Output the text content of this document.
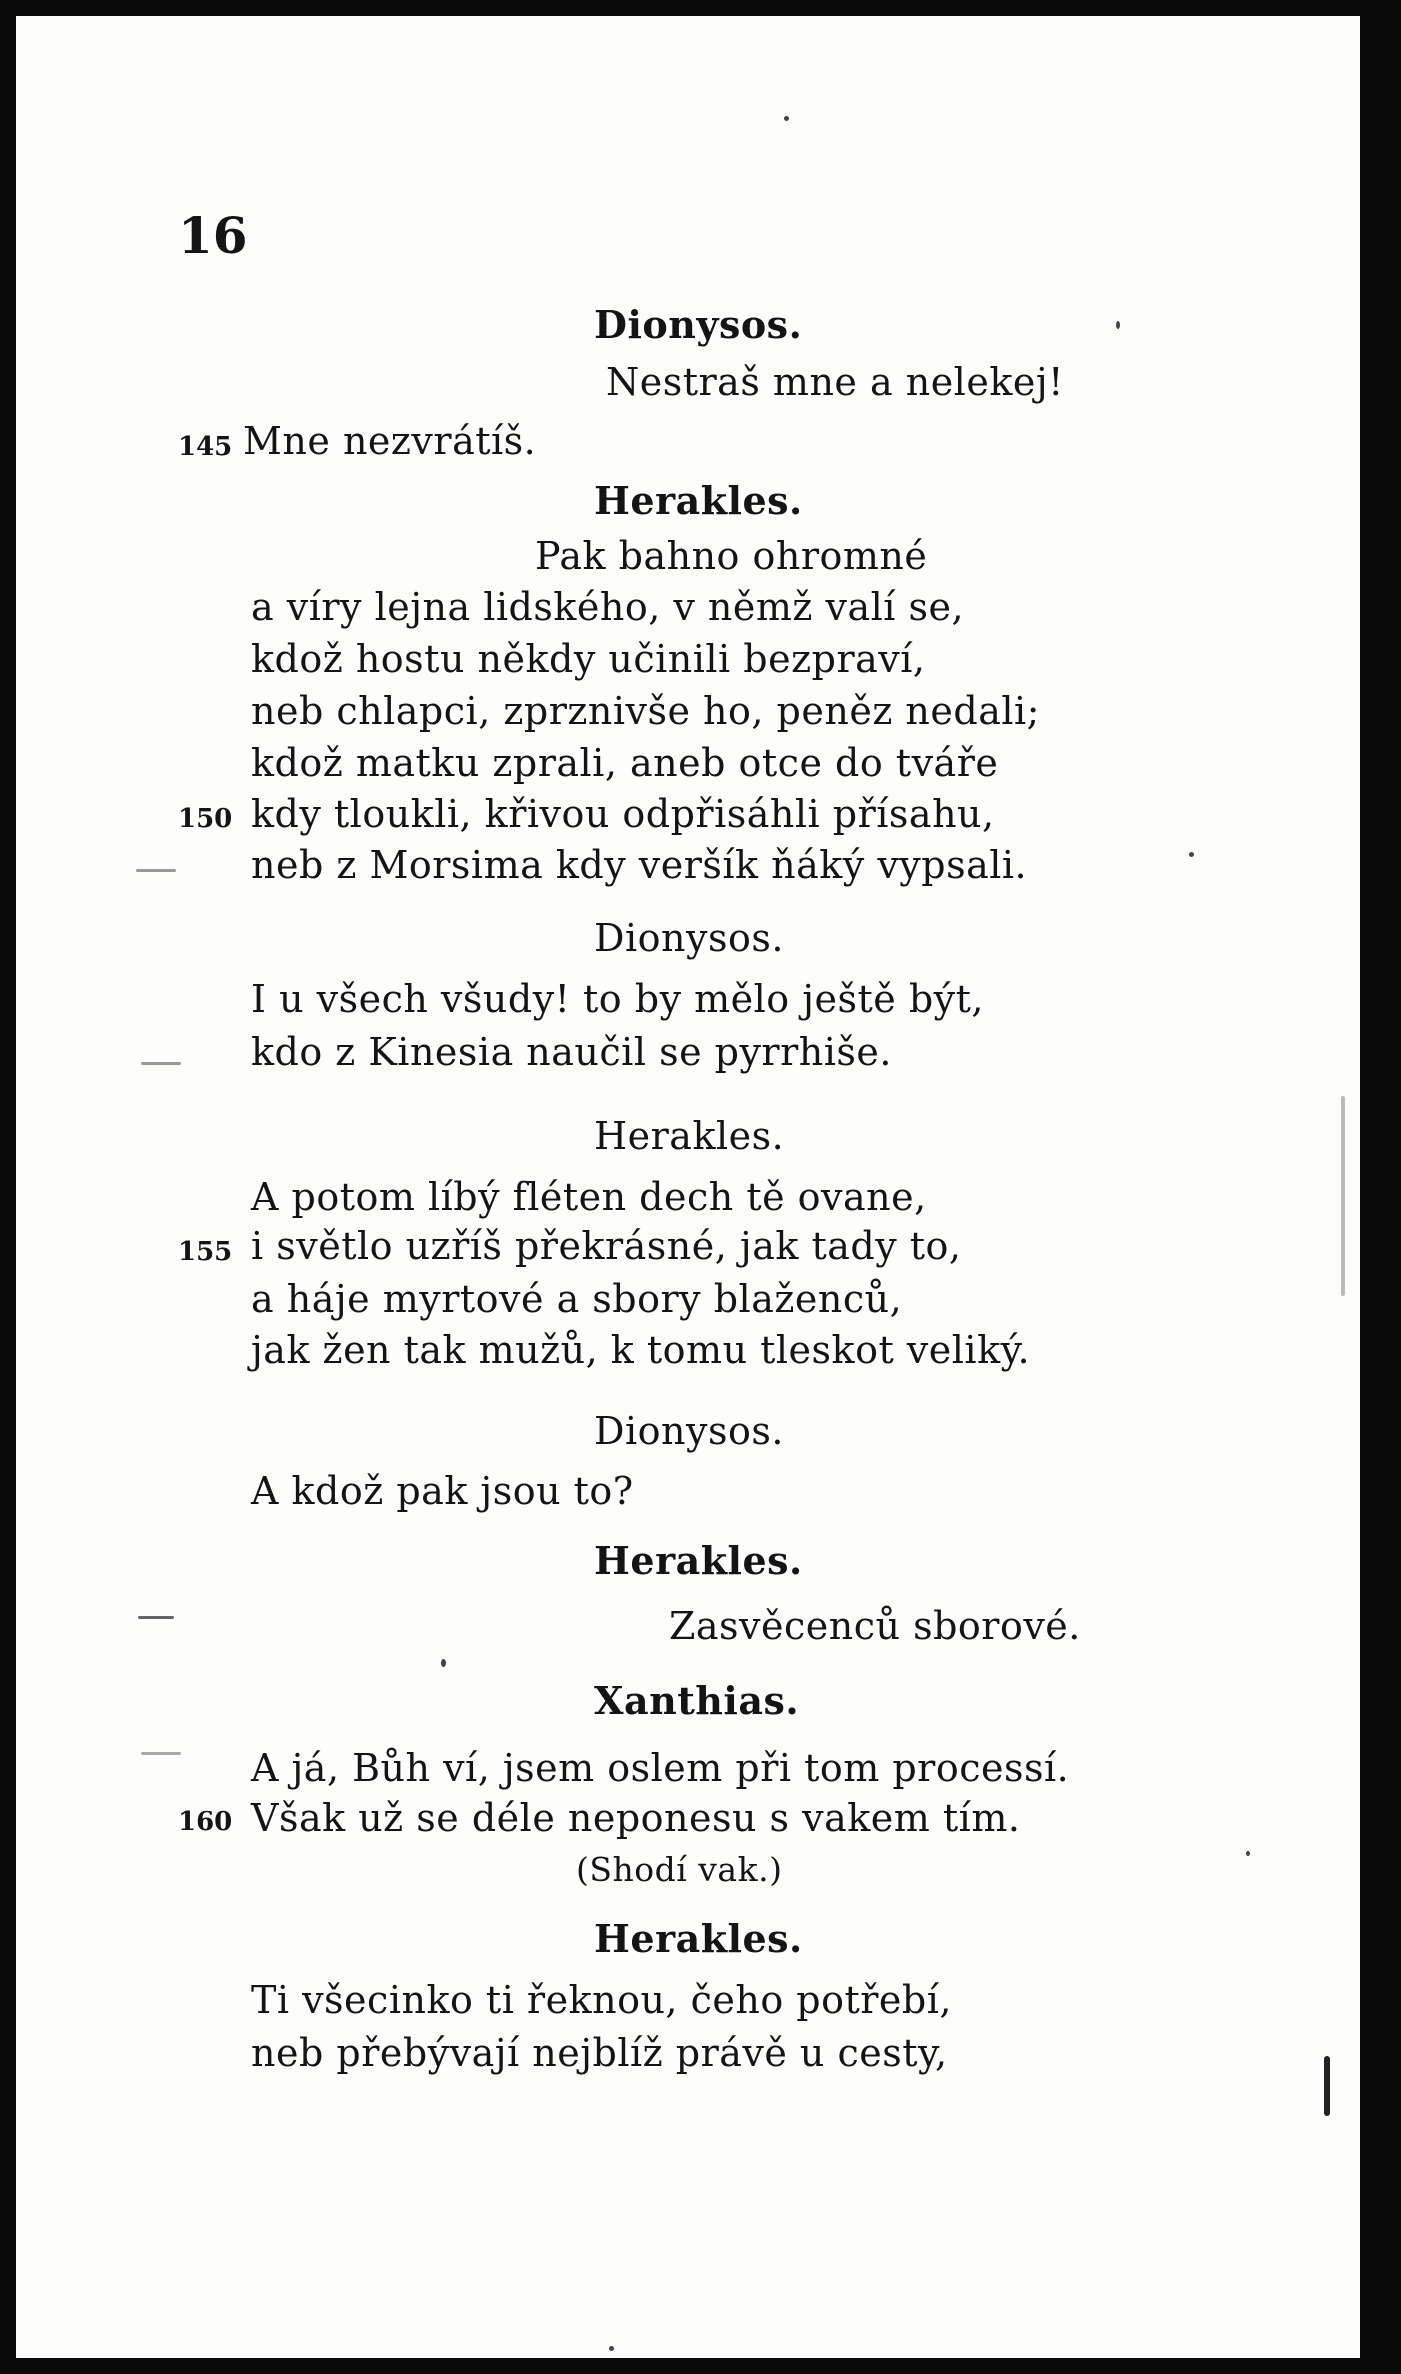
16
Dionysos.
Nestraš mne a nelekej!
145 Mne nezvrátíš.
Herakles.
Pak bahno ohromné
a víry lejna lidského, v němž valí se,
kdož hostu někdy učinili bezpraví,
neb chlapci, zprznivše ho, peněz nedali;
kdož matku zprali, aneb otce do tváře
150 kdy tloukli, křivou odpřisáhli přísahu,
neb z Morsima kdy veršík ňáký vypsali.
Dionysos.
I u všech všudy! to by mělo ještě být,
kdo z Kinesia naučil se pyrrhiše.
Herakles.
A potom líbý fléten dech tě ovane,
155 i světlo uzříš překrásné, jak tady to,
a háje myrtové a sbory blaženců,
jak žen tak mužů, k tomu tleskot veliký.
Dionysos.
A kdož pak jsou to?
Herakles.
Zasvěcenců sborové.
Xanthias.
A já, Bůh ví, jsem oslem při tom processí.
160 Však už se déle neponesu s vakem tím.
(Shodí vak.)
Herakles.
Ti všecinko ti řeknou, čeho potřebí,
neb přebývají nejblíž právě u cesty,
